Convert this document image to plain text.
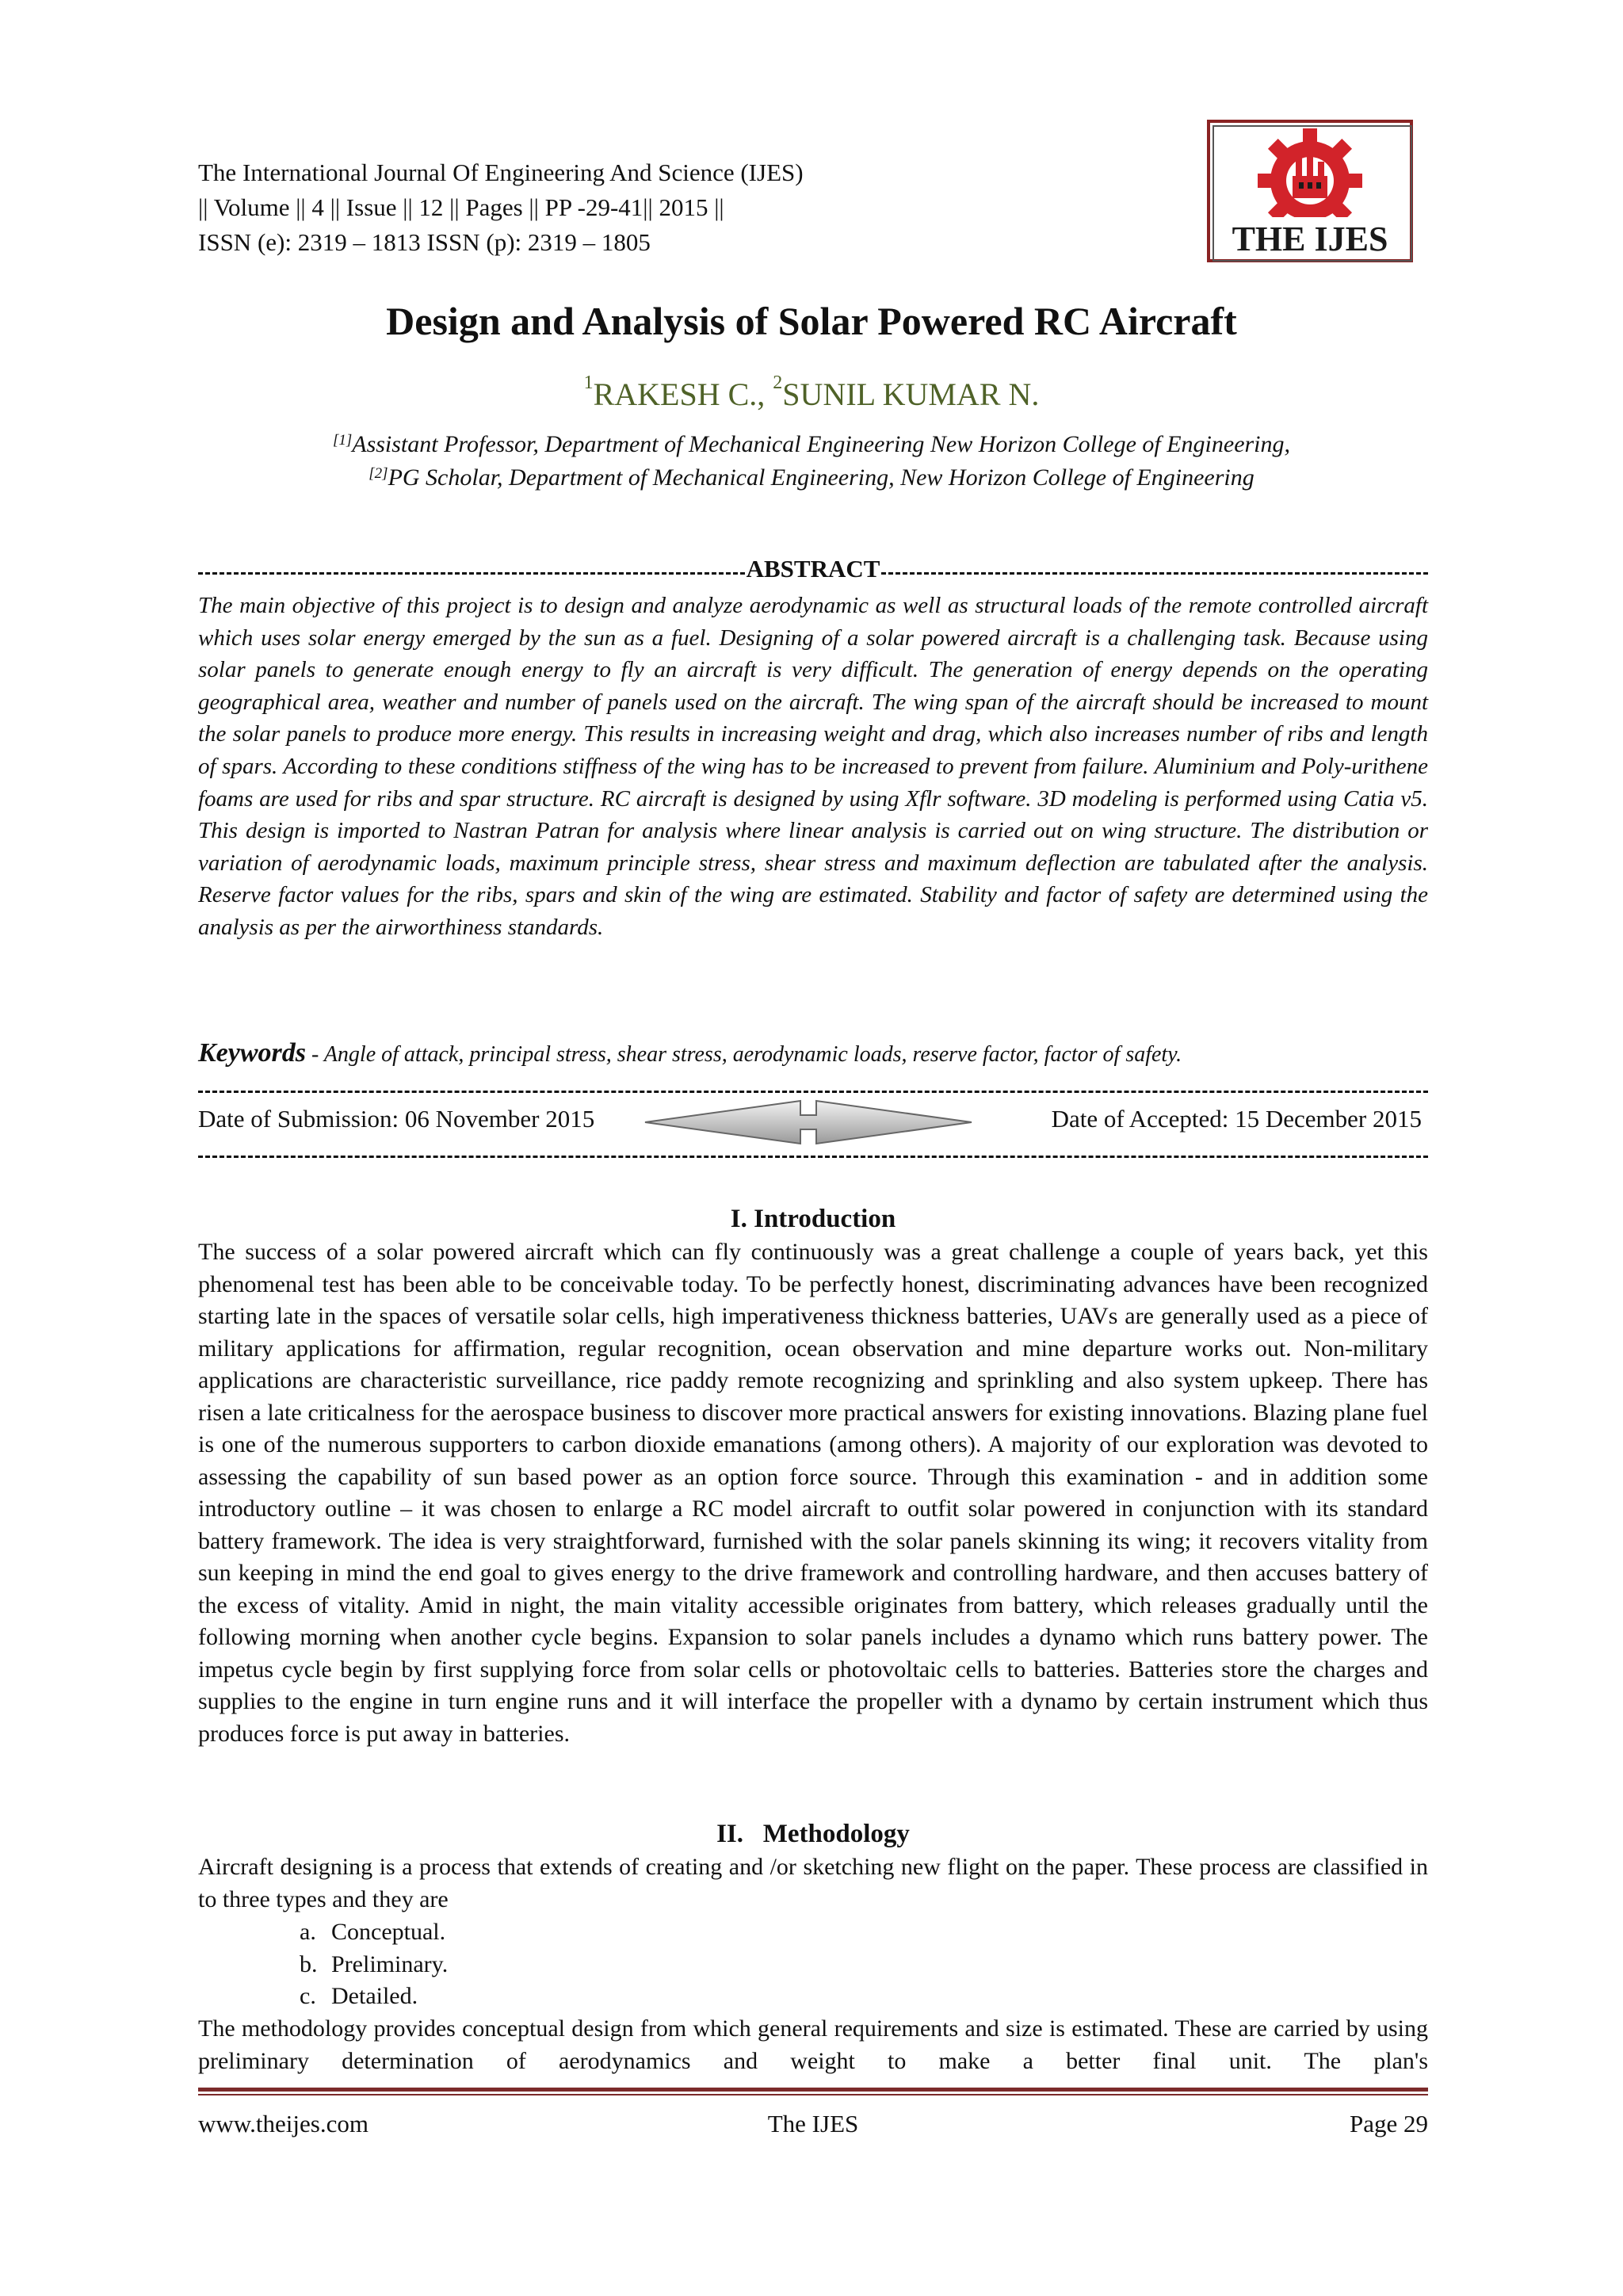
The International Journal Of Engineering And Science (IJES)
|| Volume || 4 || Issue || 12 || Pages || PP -29-41|| 2015 ||
ISSN (e): 2319 – 1813 ISSN (p): 2319 – 1805	THE IJES
Design and Analysis of Solar Powered RC Aircraft
$^1$RAKESH C., $^2$SUNIL KUMAR N.
[1]Assistant Professor, Department of Mechanical Engineering New Horizon College of Engineering,
[2]PG Scholar, Department of Mechanical Engineering, New Horizon College of Engineering
ABSTRACT
The main objective of this project is to design and analyze aerodynamic as well as structural loads of the remote controlled aircraft which uses solar energy emerged by the sun as a fuel. Designing of a solar powered aircraft is a challenging task. Because using solar panels to generate enough energy to fly an aircraft is very difficult. The generation of energy depends on the operating geographical area, weather and number of panels used on the aircraft. The wing span of the aircraft should be increased to mount the solar panels to produce more energy. This results in increasing weight and drag, which also increases number of ribs and length of spars. According to these conditions stiffness of the wing has to be increased to prevent from failure. Aluminium and Poly-urithene foams are used for ribs and spar structure. RC aircraft is designed by using Xflr software. 3D modeling is performed using Catia v5. This design is imported to Nastran Patran for analysis where linear analysis is carried out on wing structure. The distribution or variation of aerodynamic loads, maximum principle stress, shear stress and maximum deflection are tabulated after the analysis. Reserve factor values for the ribs, spars and skin of the wing are estimated. Stability and factor of safety are determined using the analysis as per the airworthiness standards.
Keywords - Angle of attack, principal stress, shear stress, aerodynamic loads, reserve factor, factor of safety.
Date of Submission: 06 November 2015	Date of Accepted: 15 December 2015
I. Introduction
The success of a solar powered aircraft which can fly continuously was a great challenge a couple of years back, yet this phenomenal test has been able to be conceivable today. To be perfectly honest, discriminating advances have been recognized starting late in the spaces of versatile solar cells, high imperativeness thickness batteries, UAVs are generally used as a piece of military applications for affirmation, regular recognition, ocean observation and mine departure works out. Non-military applications are characteristic surveillance, rice paddy remote recognizing and sprinkling and also system upkeep. There has risen a late criticalness for the aerospace business to discover more practical answers for existing innovations. Blazing plane fuel is one of the numerous supporters to carbon dioxide emanations (among others). A majority of our exploration was devoted to assessing the capability of sun based power as an option force source. Through this examination - and in addition some introductory outline – it was chosen to enlarge a RC model aircraft to outfit solar powered in conjunction with its standard battery framework. The idea is very straightforward, furnished with the solar panels skinning its wing; it recovers vitality from sun keeping in mind the end goal to gives energy to the drive framework and controlling hardware, and then accuses battery of the excess of vitality. Amid in night, the main vitality accessible originates from battery, which releases gradually until the following morning when another cycle begins. Expansion to solar panels includes a dynamo which runs battery power. The impetus cycle begin by first supplying force from solar cells or photovoltaic cells to batteries. Batteries store the charges and supplies to the engine in turn engine runs and it will interface the propeller with a dynamo by certain instrument which thus produces force is put away in batteries.
II.   Methodology
Aircraft designing is a process that extends of creating and /or sketching new flight on the paper. These process are classified in to three types and they are
a. Conceptual.
b. Preliminary.
c. Detailed.
The methodology provides conceptual design from which general requirements and size is estimated. These are carried by using preliminary determination of aerodynamics and weight to make a better final unit. The plan's
www.theijes.com	The IJES	Page 29
